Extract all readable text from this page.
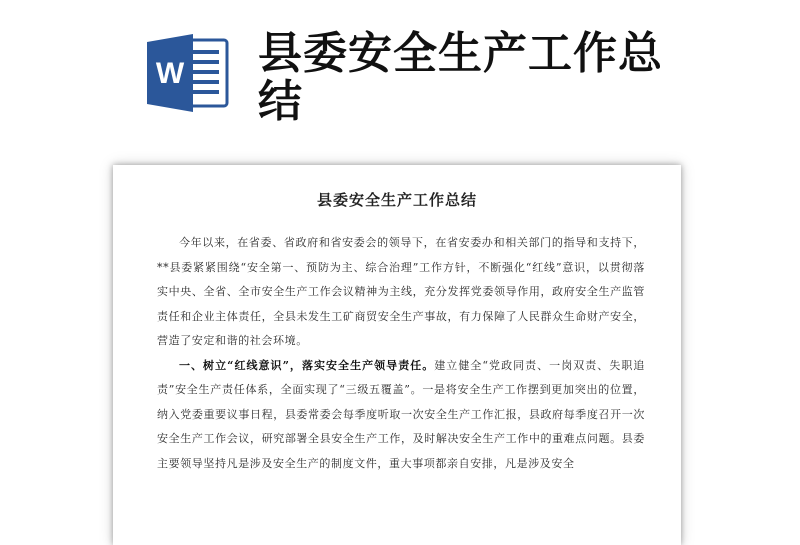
W 县委安全生产工作总结
县委安全生产工作总结

今年以来，在省委、省政府和省安委会的领导下，在省安委办和相关部门的指导和支持下，**县委紧紧围绕“安全第一、预防为主、综合治理”工作方针，不断强化“红线”意识，以贯彻落实中央、全省、全市安全生产工作会议精神为主线，充分发挥党委领导作用，政府安全生产监管责任和企业主体责任，全县未发生工矿商贸安全生产事故，有力保障了人民群众生命财产安全，营造了安定和谐的社会环境。

一、树立“红线意识”，落实安全生产领导责任。建立健全“党政同责、一岗双责、失职追责”安全生产责任体系，全面实现了“三级五覆盖”。一是将安全生产工作摆到更加突出的位置，纳入党委重要议事日程，县委常委会每季度听取一次安全生产工作汇报，县政府每季度召开一次安全生产工作会议，研究部署全县安全生产工作，及时解决安全生产工作中的重难点问题。县委主要领导坚持凡是涉及安全生产的制度文件，重大事项都亲自安排，凡是涉及安全
